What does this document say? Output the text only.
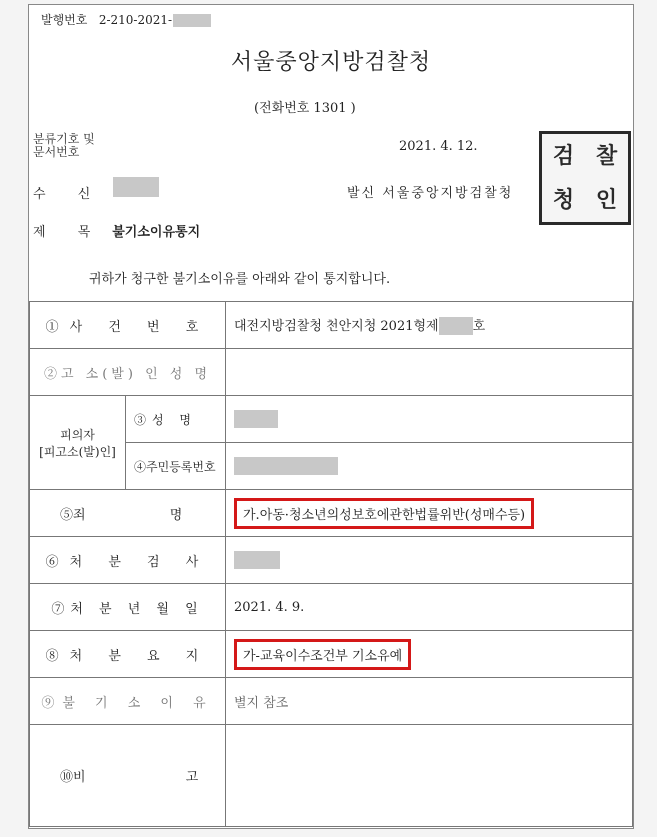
발행번호 2-210-2021-
서울중앙지방검찰청
(전화번호 1301 )
분류기호 및
문서번호	2021. 4. 12.
수 신	발신 서울중앙지방검찰청
검 찰
청 인
제 목 불기소이유통지
귀하가 청구한 불기소이유를 아래와 같이 통지합니다.
①사 건 번 호		대전지방검찰청 천안지청 2021형제 호
②고 소(발) 인 성 명		

피의자
[피고소(발)인]	③성 명	
	④주민등록번호	
⑤죄 명		가.아동·청소년의성보호에관한법률위반(성매수등)
⑥처 분 검 사		
⑦처 분 년 월 일		2021. 4. 9.
⑧처 분 요 지		가-교육이수조건부 기소유예
⑨불 기 소 이 유		별지 참조
⑩비 고		
